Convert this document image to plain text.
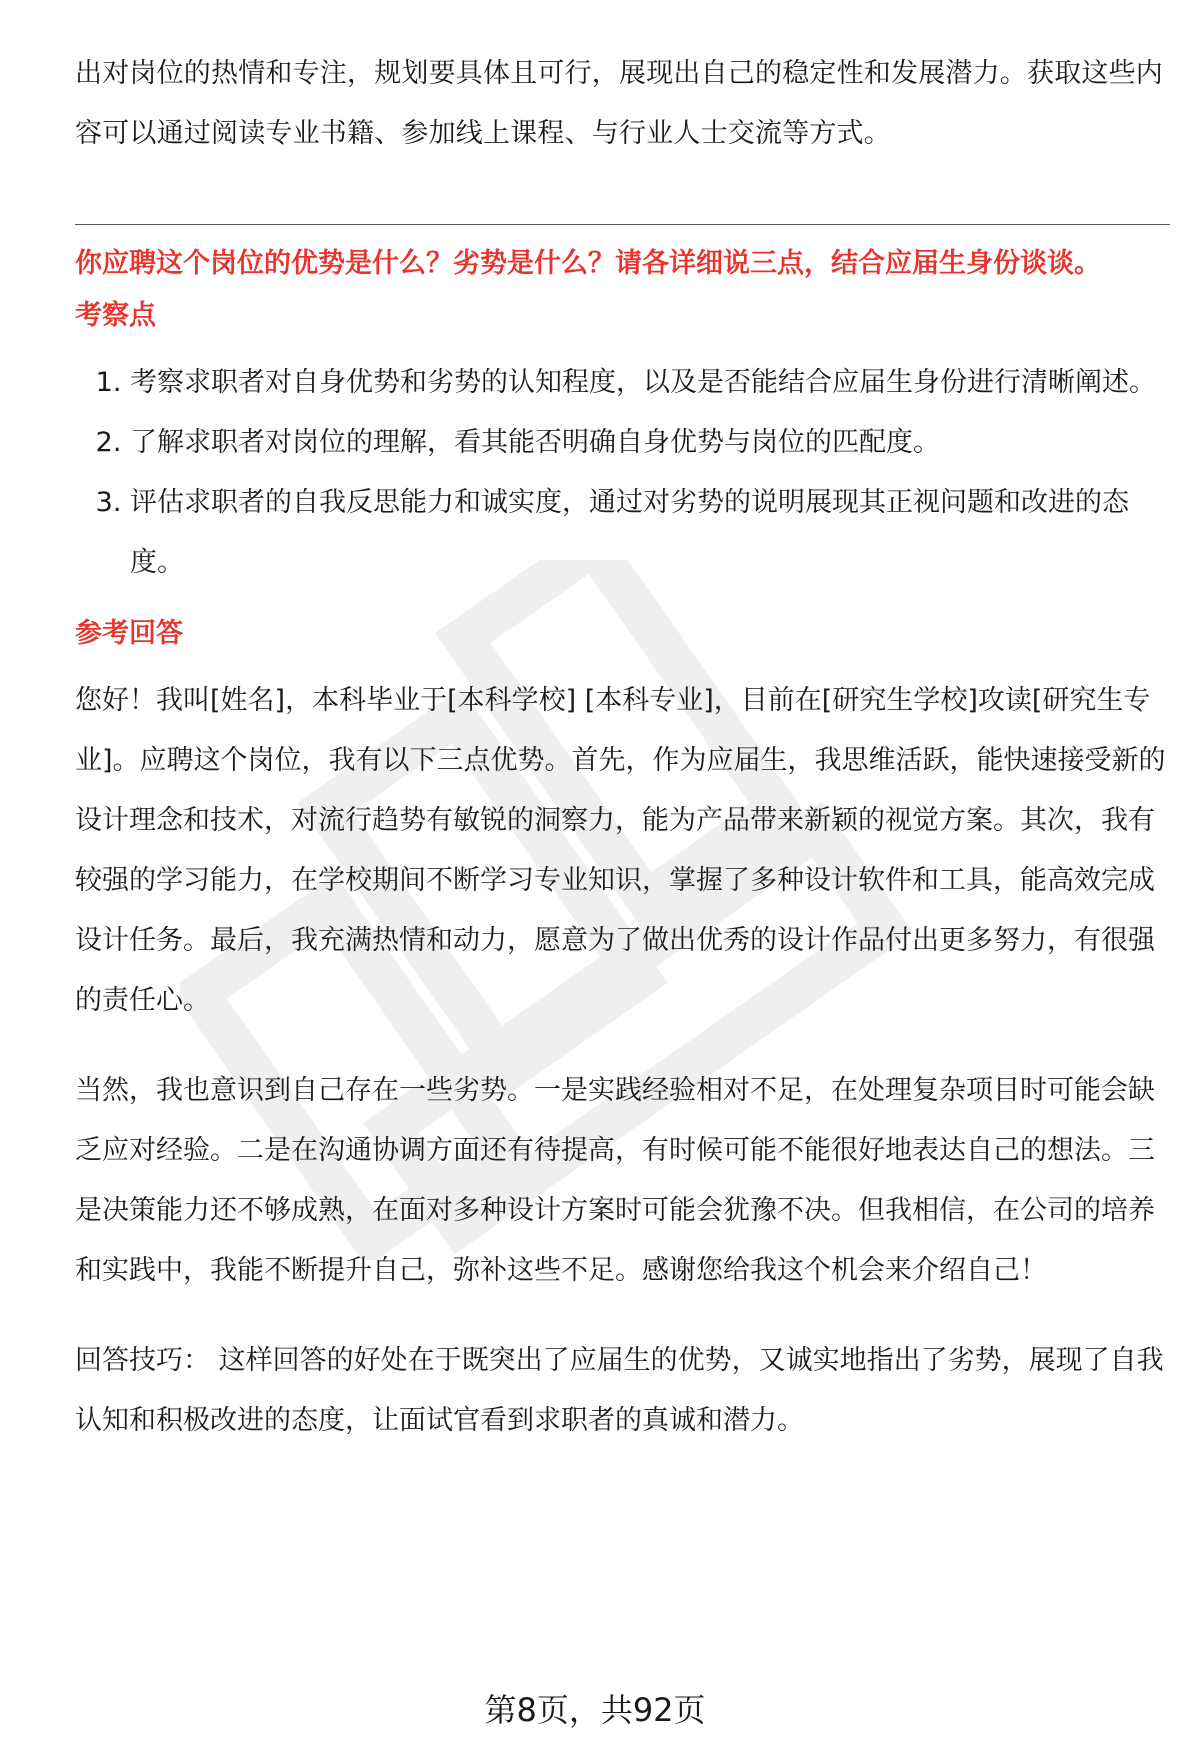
出对岗位的热情和专注，规划要具体且可行，展现出自己的稳定性和发展潜力。获取这些内容可以通过阅读专业书籍、参加线上课程、与行业人士交流等方式。

你应聘这个岗位的优势是什么？劣势是什么？请各详细说三点，结合应届生身份谈谈。

考察点

1. 考察求职者对自身优势和劣势的认知程度，以及是否能结合应届生身份进行清晰阐述。
2. 了解求职者对岗位的理解，看其能否明确自身优势与岗位的匹配度。
3. 评估求职者的自我反思能力和诚实度，通过对劣势的说明展现其正视问题和改进的态度。

参考回答

您好！我叫[姓名]，本科毕业于[本科学校] [本科专业]，目前在[研究生学校]攻读[研究生专业]。应聘这个岗位，我有以下三点优势。首先，作为应届生，我思维活跃，能快速接受新的设计理念和技术，对流行趋势有敏锐的洞察力，能为产品带来新颖的视觉方案。其次，我有较强的学习能力，在学校期间不断学习专业知识，掌握了多种设计软件和工具，能高效完成设计任务。最后，我充满热情和动力，愿意为了做出优秀的设计作品付出更多努力，有很强的责任心。

当然，我也意识到自己存在一些劣势。一是实践经验相对不足，在处理复杂项目时可能会缺乏应对经验。二是在沟通协调方面还有待提高，有时候可能不能很好地表达自己的想法。三是决策能力还不够成熟，在面对多种设计方案时可能会犹豫不决。但我相信，在公司的培养和实践中，我能不断提升自己，弥补这些不足。感谢您给我这个机会来介绍自己！

回答技巧： 这样回答的好处在于既突出了应届生的优势，又诚实地指出了劣势，展现了自我认知和积极改进的态度，让面试官看到求职者的真诚和潜力。

第8页，共92页
